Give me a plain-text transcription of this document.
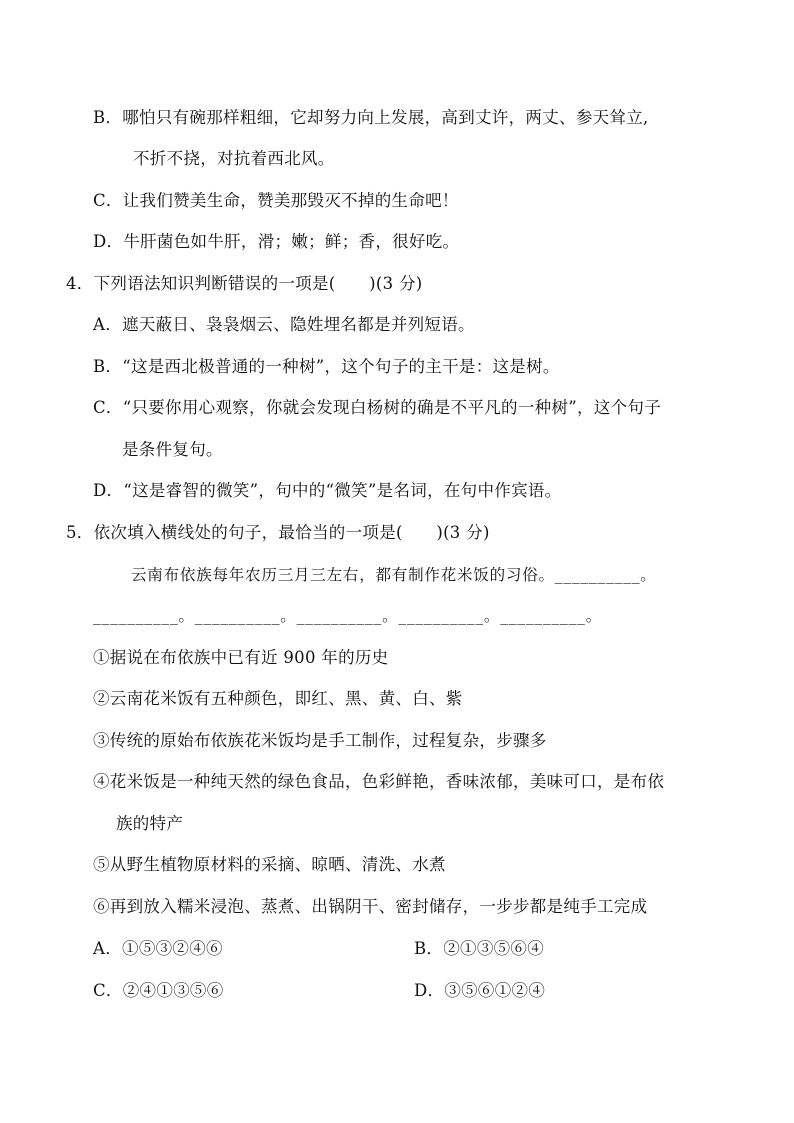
B．哪怕只有碗那样粗细，它却努力向上发展，高到丈许，两丈、参天耸立,
不折不挠，对抗着西北风。
C．让我们赞美生命，赞美那毁灭不掉的生命吧！
D．牛肝菌色如牛肝，滑；嫩；鲜；香，很好吃。
4．下列语法知识判断错误的一项是(　　)(3 分)
A．遮天蔽日、袅袅烟云、隐姓埋名都是并列短语。
B．“这是西北极普通的一种树”，这个句子的主干是：这是树。
C．“只要你用心观察，你就会发现白杨树的确是不平凡的一种树”，这个句子
是条件复句。
D．“这是睿智的微笑”，句中的“微笑”是名词，在句中作宾语。
5．依次填入横线处的句子，最恰当的一项是(　　)(3 分)
云南布依族每年农历三月三左右，都有制作花米饭的习俗。__________。
__________。__________。__________。__________。__________。
①据说在布依族中已有近 900 年的历史
②云南花米饭有五种颜色，即红、黑、黄、白、紫
③传统的原始布依族花米饭均是手工制作，过程复杂，步骤多
④花米饭是一种纯天然的绿色食品，色彩鲜艳，香味浓郁，美味可口，是布依
族的特产
⑤从野生植物原材料的采摘、晾晒、清洗、水煮
⑥再到放入糯米浸泡、蒸煮、出锅阴干、密封储存，一步步都是纯手工完成
A．①⑤③②④⑥	B．②①③⑤⑥④
C．②④①③⑤⑥	D．③⑤⑥①②④
